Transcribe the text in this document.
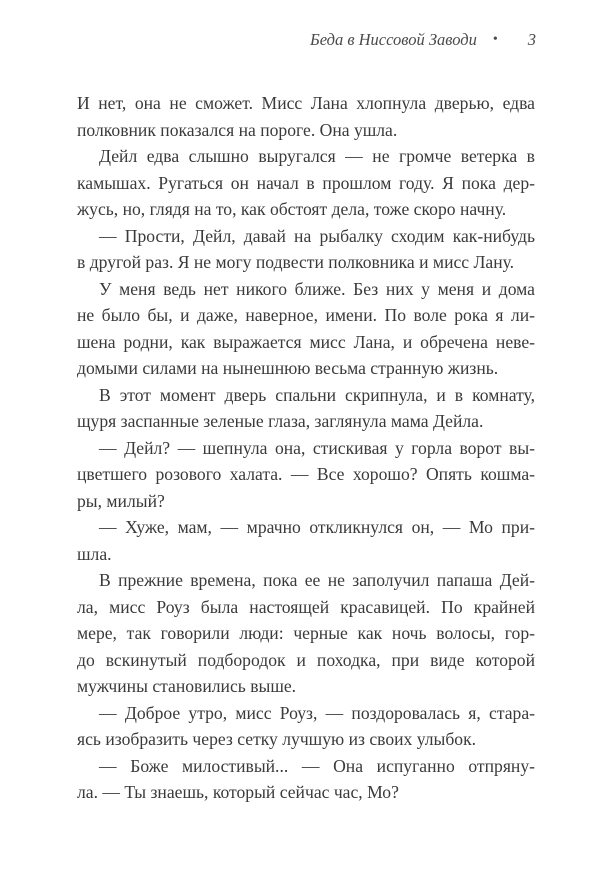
Беда в Ниссовой Заводи • 3
И нет, она не сможет. Мисс Лана хлопнула дверью, едва
полковник показался на пороге. Она ушла.
Дейл едва слышно выругался — не громче ветерка в
камышах. Ругаться он начал в прошлом году. Я пока дер-
жусь, но, глядя на то, как обстоят дела, тоже скоро начну.
— Прости, Дейл, давай на рыбалку сходим как-нибудь
в другой раз. Я не могу подвести полковника и мисс Лану.
У меня ведь нет никого ближе. Без них у меня и дома
не было бы, и даже, наверное, имени. По воле рока я ли-
шена родни, как выражается мисс Лана, и обречена неве-
домыми силами на нынешнюю весьма странную жизнь.
В этот момент дверь спальни скрипнула, и в комнату,
щуря заспанные зеленые глаза, заглянула мама Дейла.
— Дейл? — шепнула она, стискивая у горла ворот вы-
цветшего розового халата. — Все хорошо? Опять кошма-
ры, милый?
— Хуже, мам, — мрачно откликнулся он, — Мо при-
шла.
В прежние времена, пока ее не заполучил папаша Дей-
ла, мисс Роуз была настоящей красавицей. По крайней
мере, так говорили люди: черные как ночь волосы, гор-
до вскинутый подбородок и походка, при виде которой
мужчины становились выше.
— Доброе утро, мисс Роуз, — поздоровалась я, стара-
ясь изобразить через сетку лучшую из своих улыбок.
— Боже милостивый... — Она испуганно отпряну-
ла. — Ты знаешь, который сейчас час, Мо?
